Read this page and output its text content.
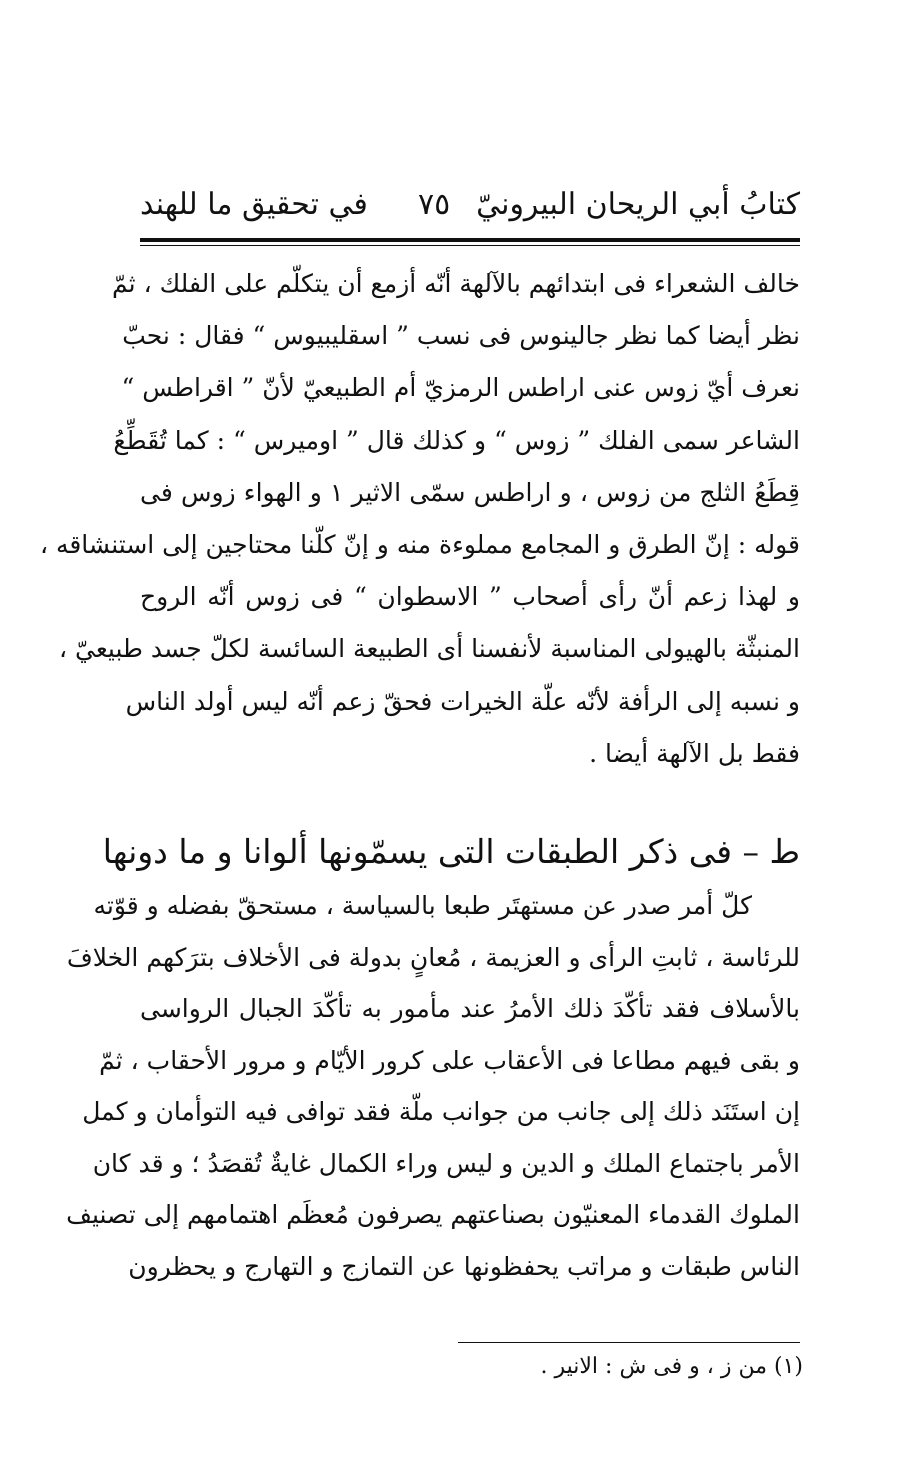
كتابُ أبي الريحان البيرونيّ
٧٥
في تحقيق ما للهند
خالف الشعراء فى ابتدائهم بالآلهة أنّه أزمع أن يتكلّم على الفلك ، ثمّ
نظر أيضا كما نظر جالينوس فى نسب ” اسقليبيوس “ فقال : نحبّ
نعرف أيّ زوس عنى اراطس الرمزيّ أم الطبيعيّ لأنّ ” اقراطس “
الشاعر سمى الفلك ” زوس “ و كذلك قال ” اوميرس “ : كما تُقَطِّعُ
قِطَعُ الثلج من زوس ، و اراطس سمّى الاثير ١ و الهواء زوس فى
قوله : إنّ الطرق و المجامع مملوءة منه و إنّ كلّنا محتاجين إلى استنشاقه ،
و لهذا زعم أنّ رأى أصحاب ” الاسطوان “ فى زوس أنّه الروح
المنبثّة بالهيولى المناسبة لأنفسنا أى الطبيعة السائسة لكلّ جسد طبيعيّ ،
و نسبه إلى الرأفة لأنّه علّة الخيرات فحقّ زعم أنّه ليس أولد الناس
فقط بل الآلهة أيضا .
ط – فى ذكر الطبقات التى يسمّونها ألوانا و ما دونها
كلّ أمر صدر عن مستهتَر طبعا بالسياسة ، مستحقّ بفضله و قوّته
للرئاسة ، ثابتِ الرأى و العزيمة ، مُعانٍ بدولة فى الأخلاف بترَكهم الخلافَ
بالأسلاف فقد تأكّدَ ذلك الأمرُ عند مأمور به تأكّدَ الجبال الرواسى
و بقى فيهم مطاعا فى الأعقاب على كرور الأيّام و مرور الأحقاب ، ثمّ
إن استَنَد ذلك إلى جانب من جوانب ملّة فقد توافى فيه التوأمان و كمل
الأمر باجتماع الملك و الدين و ليس وراء الكمال غايةٌ تُقصَدُ ؛ و قد كان
الملوك القدماء المعنيّون بصناعتهم يصرفون مُعظَم اهتمامهم إلى تصنيف
الناس طبقات و مراتب يحفظونها عن التمازج و التهارج و يحظرون
(١) من ز ، و فى ش : الانير .
